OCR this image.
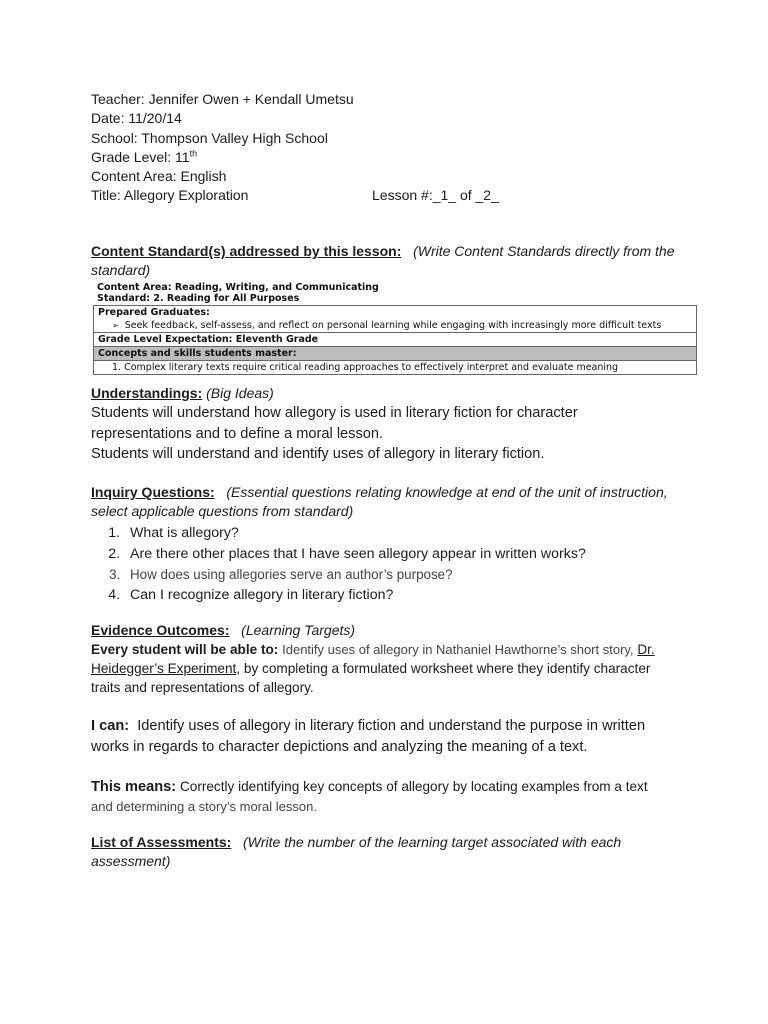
Teacher: Jennifer Owen + Kendall Umetsu
Date: 11/20/14
School: Thompson Valley High School
Grade Level: 11th
Content Area: English
Title: Allegory Exploration	Lesson #:_1_ of _2_
Content Standard(s) addressed by this lesson: (Write Content Standards directly from the standard)
Content Area: Reading, Writing, and Communicating
Standard: 2. Reading for All Purposes
Prepared Graduates:
➢ Seek feedback, self-assess, and reflect on personal learning while engaging with increasingly more difficult texts
Grade Level Expectation: Eleventh Grade
Concepts and skills students master:
1. Complex literary texts require critical reading approaches to effectively interpret and evaluate meaning
Understandings: (Big Ideas)
Students will understand how allegory is used in literary fiction for character representations and to define a moral lesson.
Students will understand and identify uses of allegory in literary fiction.
Inquiry Questions: (Essential questions relating knowledge at end of the unit of instruction, select applicable questions from standard)
1. What is allegory?
2. Are there other places that I have seen allegory appear in written works?
3. How does using allegories serve an author’s purpose?
4. Can I recognize allegory in literary fiction?
Evidence Outcomes: (Learning Targets)
Every student will be able to: Identify uses of allegory in Nathaniel Hawthorne’s short story, Dr. Heidegger’s Experiment, by completing a formulated worksheet where they identify character traits and representations of allegory.
I can: Identify uses of allegory in literary fiction and understand the purpose in written works in regards to character depictions and analyzing the meaning of a text.
This means: Correctly identifying key concepts of allegory by locating examples from a text
and determining a story’s moral lesson.
List of Assessments: (Write the number of the learning target associated with each assessment)
